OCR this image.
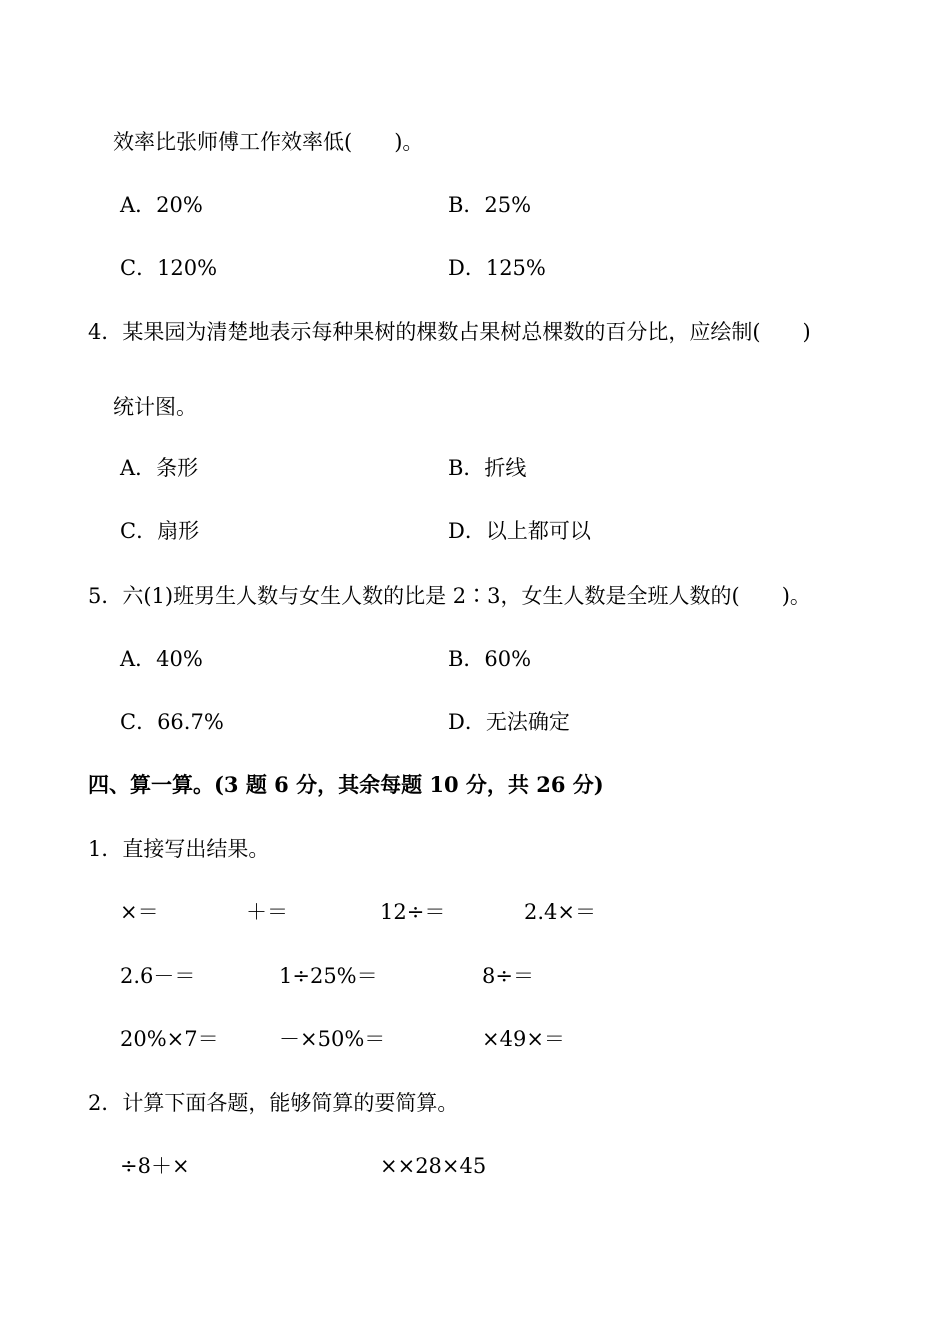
效率比张师傅工作效率低(　　)。
A．20%	B．25%
C．120%	D．125%
4．某果园为清楚地表示每种果树的棵数占果树总棵数的百分比，应绘制(　　)
统计图。
A．条形	B．折线
C．扇形	D．以上都可以
5．六(1)班男生人数与女生人数的比是 2∶3，女生人数是全班人数的(　　)。
A．40%	B．60%
C．66.7%	D．无法确定
四、算一算。(3 题 6 分，其余每题 10 分，共 26 分)
1．直接写出结果。
×＝	＋＝	12÷＝	2.4×＝
2.6－＝	1÷25%＝	8÷＝
20%×7＝	－×50%＝	×49×＝
2．计算下面各题，能够简算的要简算。
÷8＋×	××28×45
